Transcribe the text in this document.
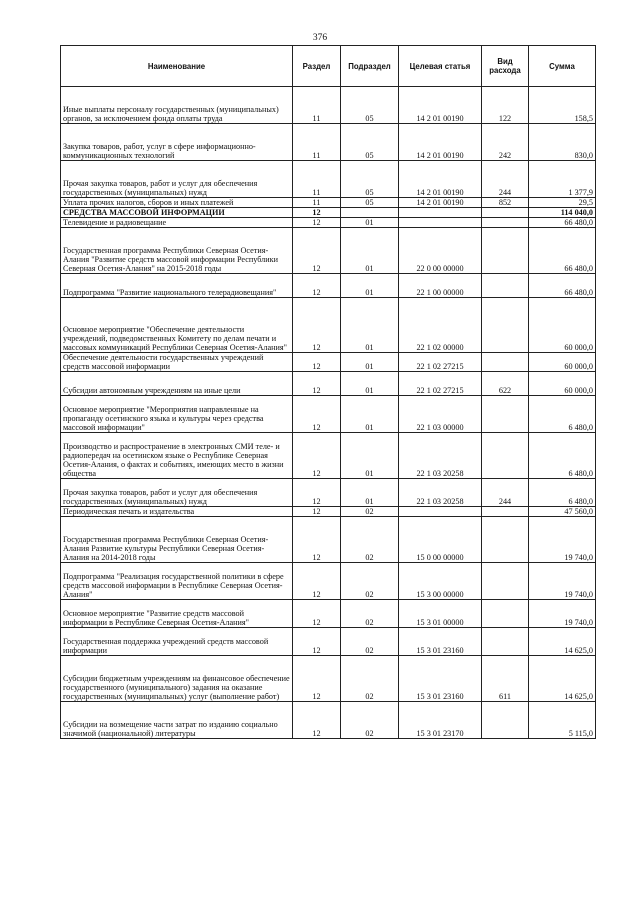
376
Наименование	Раздел	Подраздел	Целевая статья	Вид расхода	Сумма
Иные выплаты персоналу государственных (муниципальных) органов, за исключением фонда оплаты труда	11	05	14 2 01 00190	122	158,5
Закупка товаров, работ, услуг в сфере информационно-коммуникационных технологий	11	05	14 2 01 00190	242	830,0
Прочая закупка товаров, работ и услуг для обеспечения государственных (муниципальных) нужд	11	05	14 2 01 00190	244	1 377,9
Уплата прочих налогов, сборов и иных платежей	11	05	14 2 01 00190	852	29,5
СРЕДСТВА МАССОВОЙ ИНФОРМАЦИИ	12				114 040,0
Телевидение и радиовещание	12	01			66 480,0
Государственная программа Республики Северная Осетия-Алания "Развитие средств массовой информации Республики Северная Осетия-Алания" на 2015-2018 годы	12	01	22 0 00 00000		66 480,0
Подпрограмма "Развитие национального телерадиовещания"	12	01	22 1 00 00000		66 480,0
Основное мероприятие "Обеспечение деятельности учреждений, подведомственных Комитету по делам печати и массовых коммуникаций Республики Северная Осетия-Алания"	12	01	22 1 02 00000		60 000,0
Обеспечение деятельности государственных учреждений средств массовой информации	12	01	22 1 02 27215		60 000,0
Субсидии автономным учреждениям на иные цели	12	01	22 1 02 27215	622	60 000,0
Основное мероприятие "Мероприятия направленные на пропаганду осетинского языка и культуры через средства массовой информации"	12	01	22 1 03 00000		6 480,0
Производство и распространение в электронных СМИ теле- и радиопередач на осетинском языке о Республике Северная Осетия-Алания, о фактах и событиях, имеющих место в жизни общества	12	01	22 1 03 20258		6 480,0
Прочая закупка товаров, работ и услуг для обеспечения государственных (муниципальных) нужд	12	01	22 1 03 20258	244	6 480,0
Периодическая печать и издательства	12	02			47 560,0
Государственная программа Республики Северная Осетия-Алания Развитие культуры Республики Северная Осетия-Алания на 2014-2018 годы	12	02	15 0 00 00000		19 740,0
Подпрограмма "Реализация государственной политики в сфере средств массовой информации в Республике Северная Осетия-Алания"	12	02	15 3 00 00000		19 740,0
Основное мероприятие "Развитие средств массовой информации в Республике Северная Осетия-Алания"	12	02	15 3 01 00000		19 740,0
Государственная поддержка учреждений средств массовой информации	12	02	15 3 01 23160		14 625,0
Субсидии бюджетным учреждениям на финансовое обеспечение государственного (муниципального) задания на оказание государственных (муниципальных) услуг (выполнение работ)	12	02	15 3 01 23160	611	14 625,0
Субсидии на возмещение части затрат по изданию социально значимой (национальной) литературы	12	02	15 3 01 23170		5 115,0
